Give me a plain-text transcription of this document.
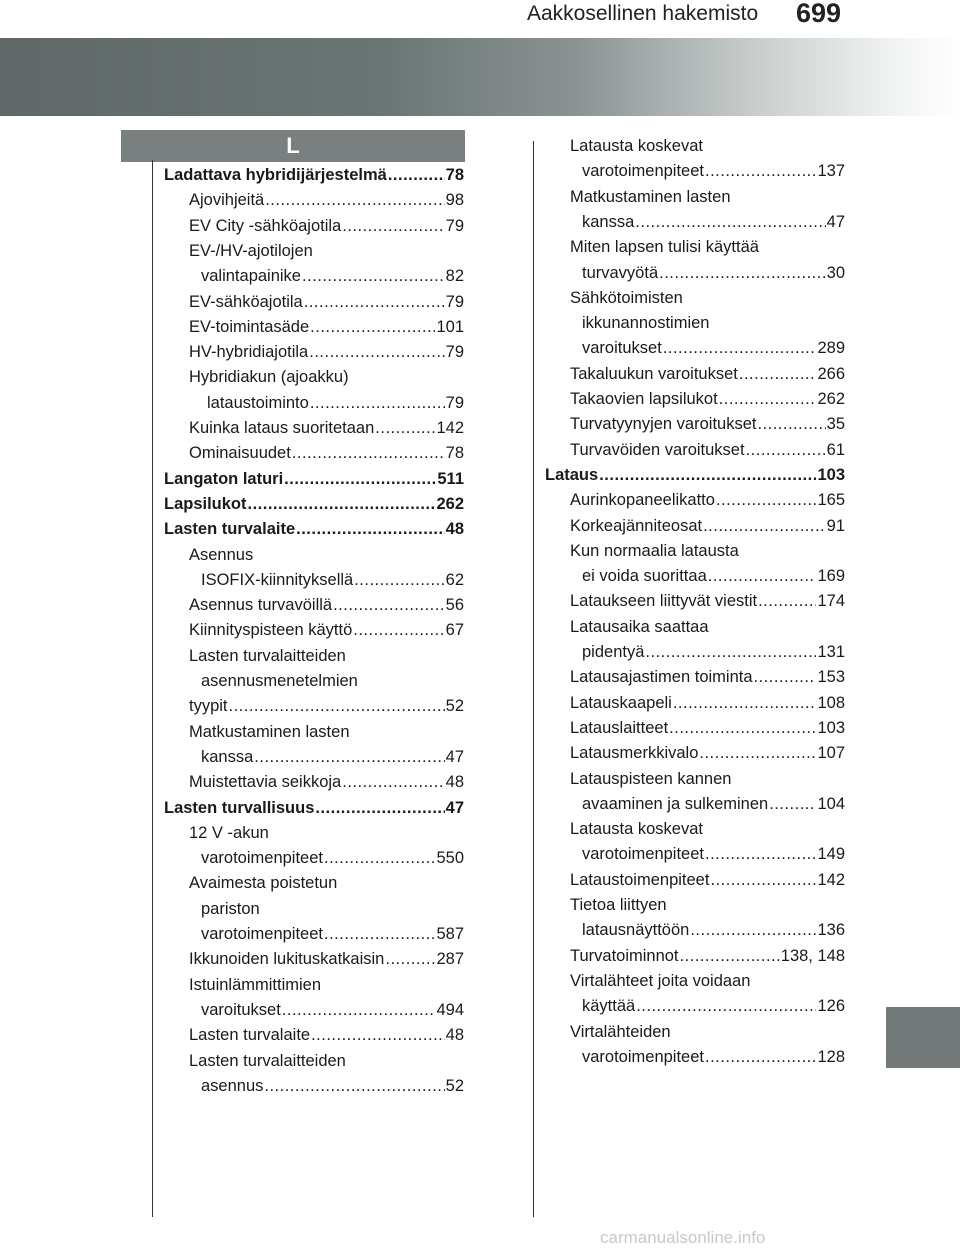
Aakkosellinen hakemisto 699
L
Ladattava hybridijärjestelmä .....	78
Ajovihjeitä .....	98
EV City -sähköajotila .....	79
EV-/HV-ajotilojen
valintapainike .....	82
EV-sähköajotila .....	79
EV-toimintasäde .....	101
HV-hybridiajotila .....	79
Hybridiakun (ajoakku)
lataustoiminto .....	79
Kuinka lataus suoritetaan .....	142
Ominaisuudet .....	78
Langaton laturi .....	511
Lapsilukot .....	262
Lasten turvalaite .....	48
Asennus
ISOFIX-kiinnityksellä .....	62
Asennus turvavöillä .....	56
Kiinnityspisteen käyttö .....	67
Lasten turvalaitteiden
asennusmenetelmien
tyypit .....	52
Matkustaminen lasten
kanssa .....	47
Muistettavia seikkoja .....	48
Lasten turvallisuus .....	47
12 V -akun
varotoimenpiteet .....	550
Avaimesta poistetun
pariston
varotoimenpiteet .....	587
Ikkunoiden lukituskatkaisin .....	287
Istuinlämmittimien
varoitukset .....	494
Lasten turvalaite .....	48
Lasten turvalaitteiden
asennus .....	52
Latausta koskevat
varotoimenpiteet .....	137
Matkustaminen lasten
kanssa .....	47
Miten lapsen tulisi käyttää
turvavyötä .....	30
Sähkötoimisten
ikkunannostimien
varoitukset .....	289
Takaluukun varoitukset .....	266
Takaovien lapsilukot .....	262
Turvatyynyjen varoitukset .....	35
Turvavöiden varoitukset .....	61
Lataus .....	103
Aurinkopaneelikatto .....	165
Korkeajänniteosat .....	91
Kun normaalia latausta
ei voida suorittaa .....	169
Lataukseen liittyvät viestit .....	174
Latausaika saattaa
pidentyä .....	131
Latausajastimen toiminta .....	153
Latauskaapeli .....	108
Latauslaitteet .....	103
Latausmerkkivalo .....	107
Latauspisteen kannen
avaaminen ja sulkeminen .....	104
Latausta koskevat
varotoimenpiteet .....	149
Lataustoimenpiteet .....	142
Tietoa liittyen
latausnäyttöön .....	136
Turvatoiminnot .....	138, 148
Virtalähteet joita voidaan
käyttää .....	126
Virtalähteiden
varotoimenpiteet .....	128
carmanualsonline.info
